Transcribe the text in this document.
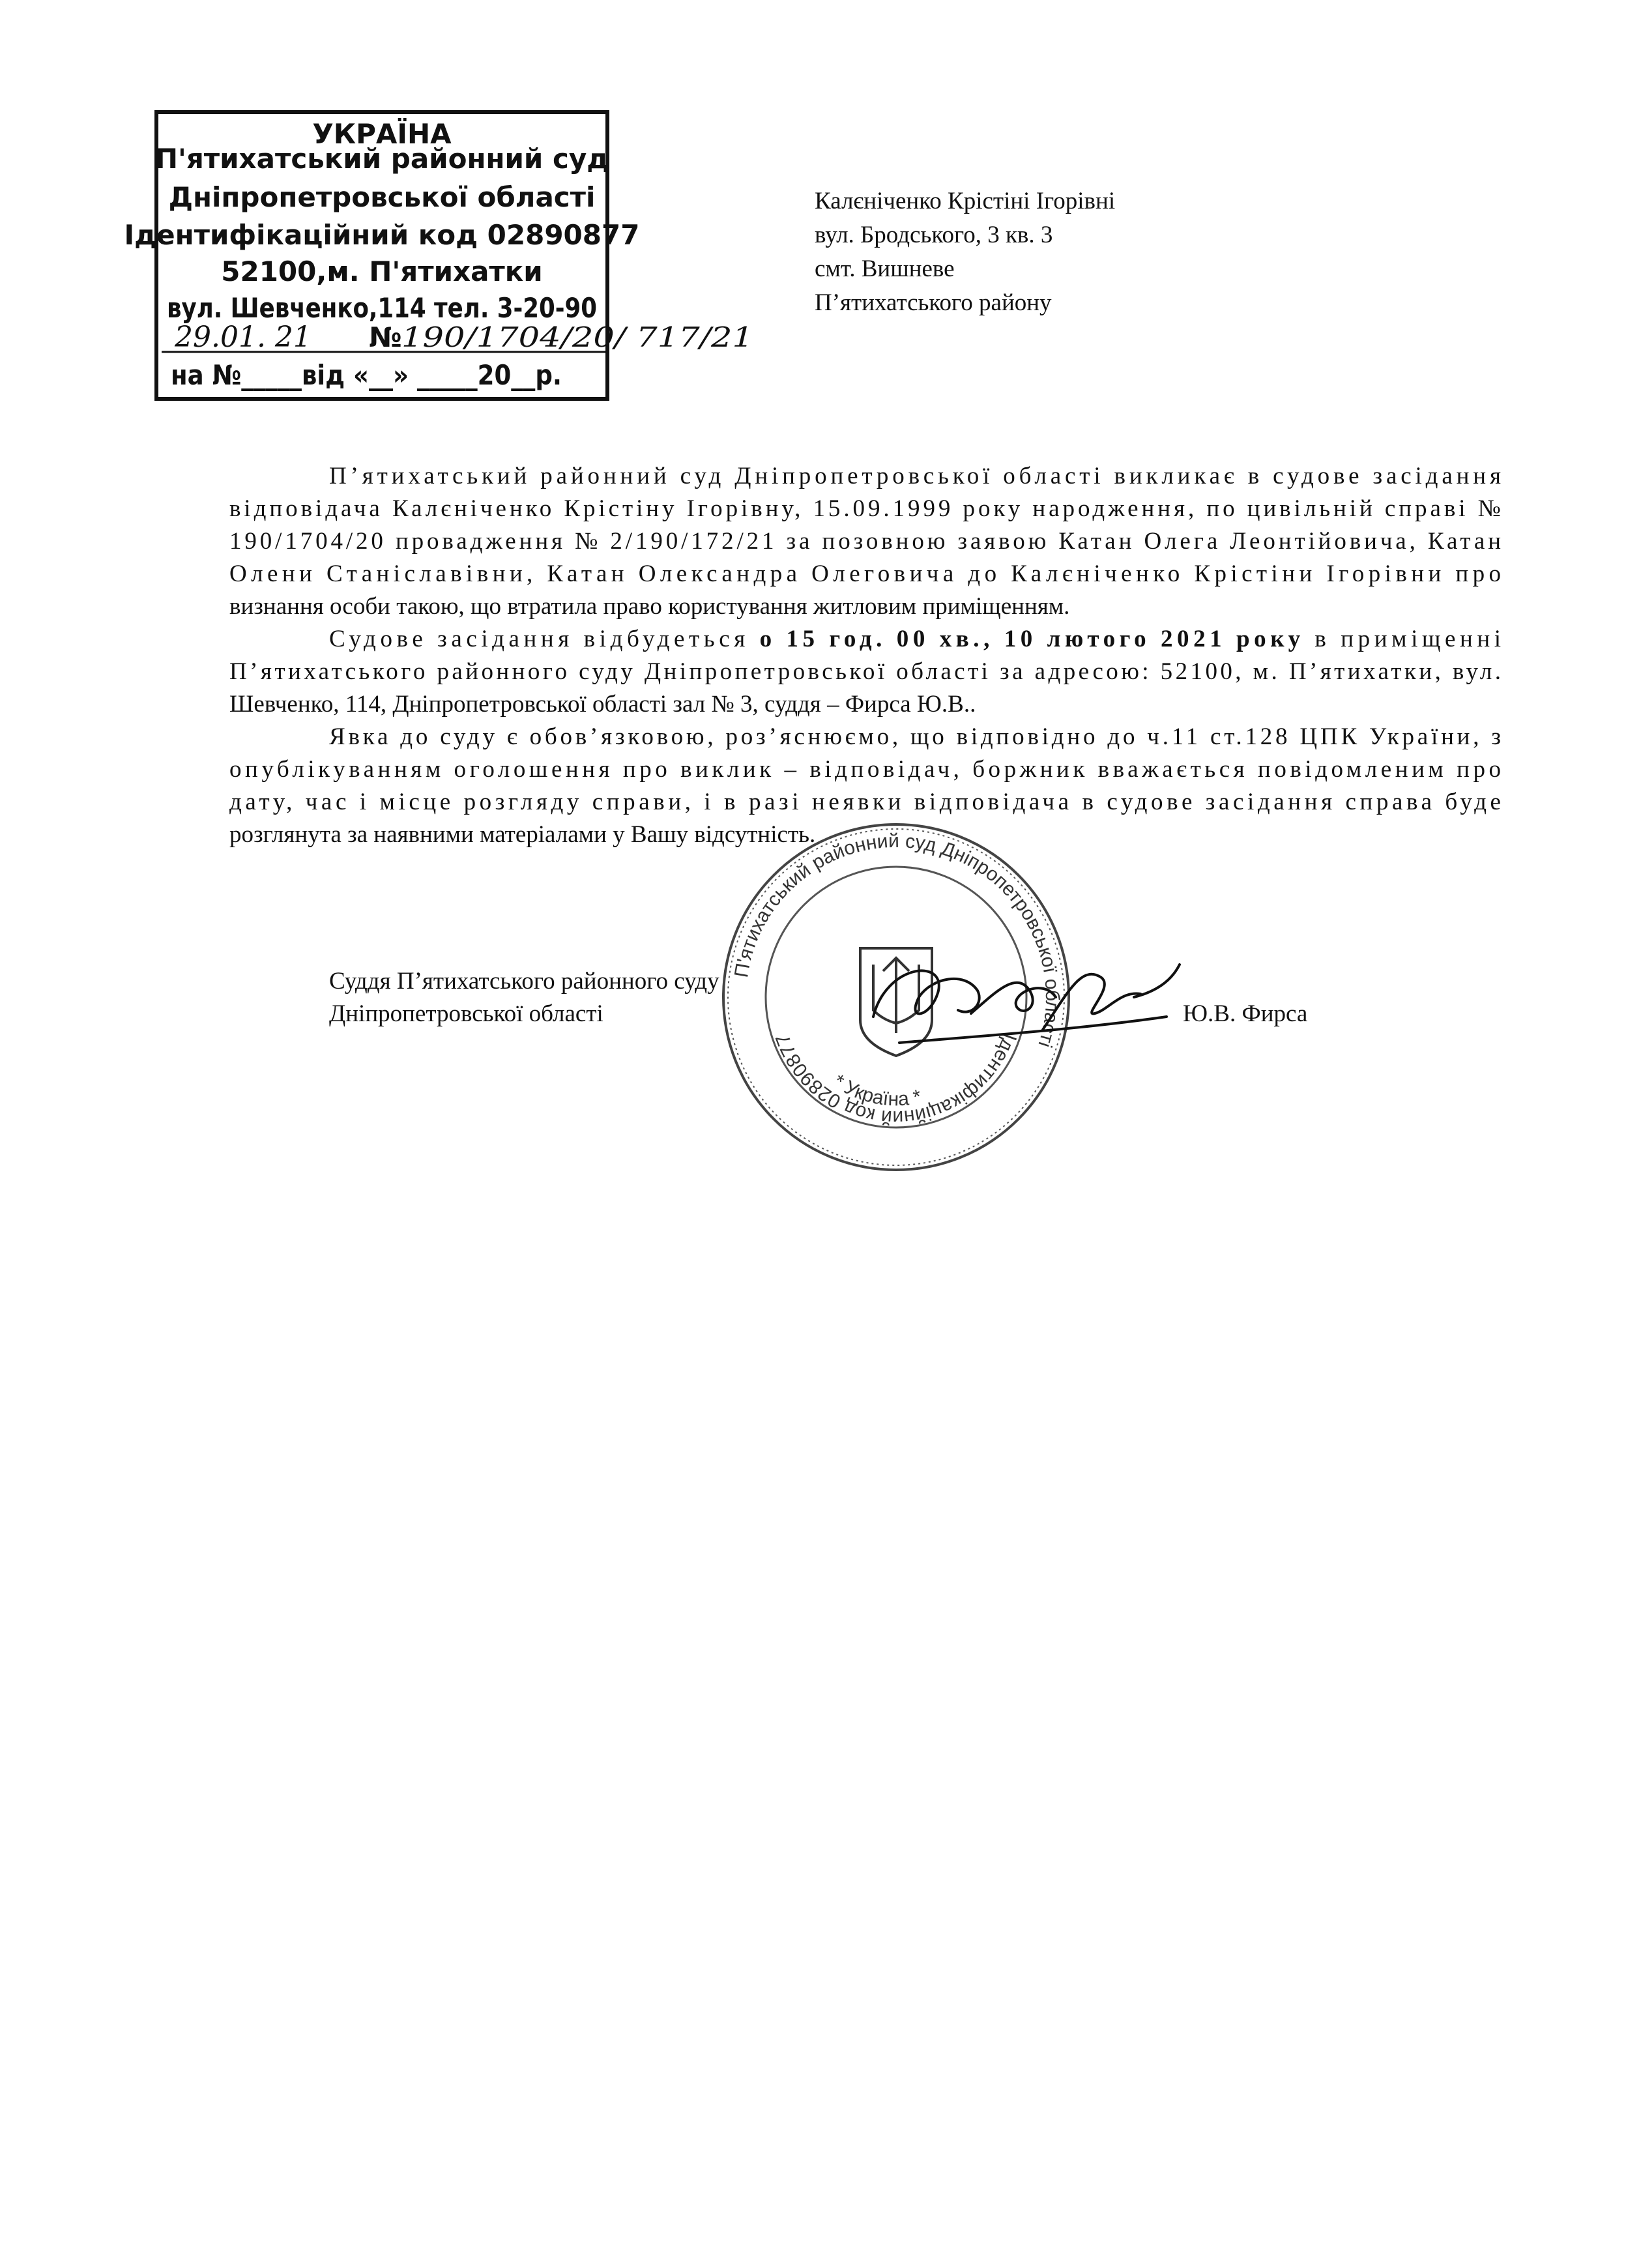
УКРАЇНА
П'ятихатський районний суд
Дніпропетровської області
Ідентифікаційний код 02890877
52100,м. П'ятихатки
вул. Шевченко,114 тел. 3-20-90
29.01. 21 № 190/1704/20/ 717/21
на №_____від «__» _____20__р.
Калєніченко Крістіні Ігорівні
вул. Бродського, 3 кв. 3
смт. Вишневе
П’ятихатського району
П’ятихатський районний суд Дніпропетровської області викликає в судове засідання
відповідача Калєніченко Крістіну Ігорівну, 15.09.1999 року народження, по цивільній справі №
190/1704/20 провадження № 2/190/172/21 за позовною заявою Катан Олега Леонтійовича, Катан
Олени Станіславівни, Катан Олександра Олеговича до Калєніченко Крістіни Ігорівни про
визнання особи такою, що втратила право користування житловим приміщенням.
Судове засідання відбудеться о 15 год. 00 хв., 10 лютого 2021 року в приміщенні
П’ятихатського районного суду Дніпропетровської області за адресою: 52100, м. П’ятихатки, вул.
Шевченко, 114, Дніпропетровської області зал № 3, суддя – Фирса Ю.В..
Явка до суду є обов’язковою, роз’яснюємо, що відповідно до ч.11 ст.128 ЦПК України, з
опублікуванням оголошення про виклик – відповідач, боржник вважається повідомленим про
дату, час і місце розгляду справи, і в разі неявки відповідача в судове засідання справа буде
розглянута за наявними матеріалами у Вашу відсутність.
Суддя П’ятихатського районного суду
Дніпропетровської області	Ю.В. Фирса
П'ятихатський районний суд Дніпропетровської області
Ідентифікаційний код 02890877
* Україна *
